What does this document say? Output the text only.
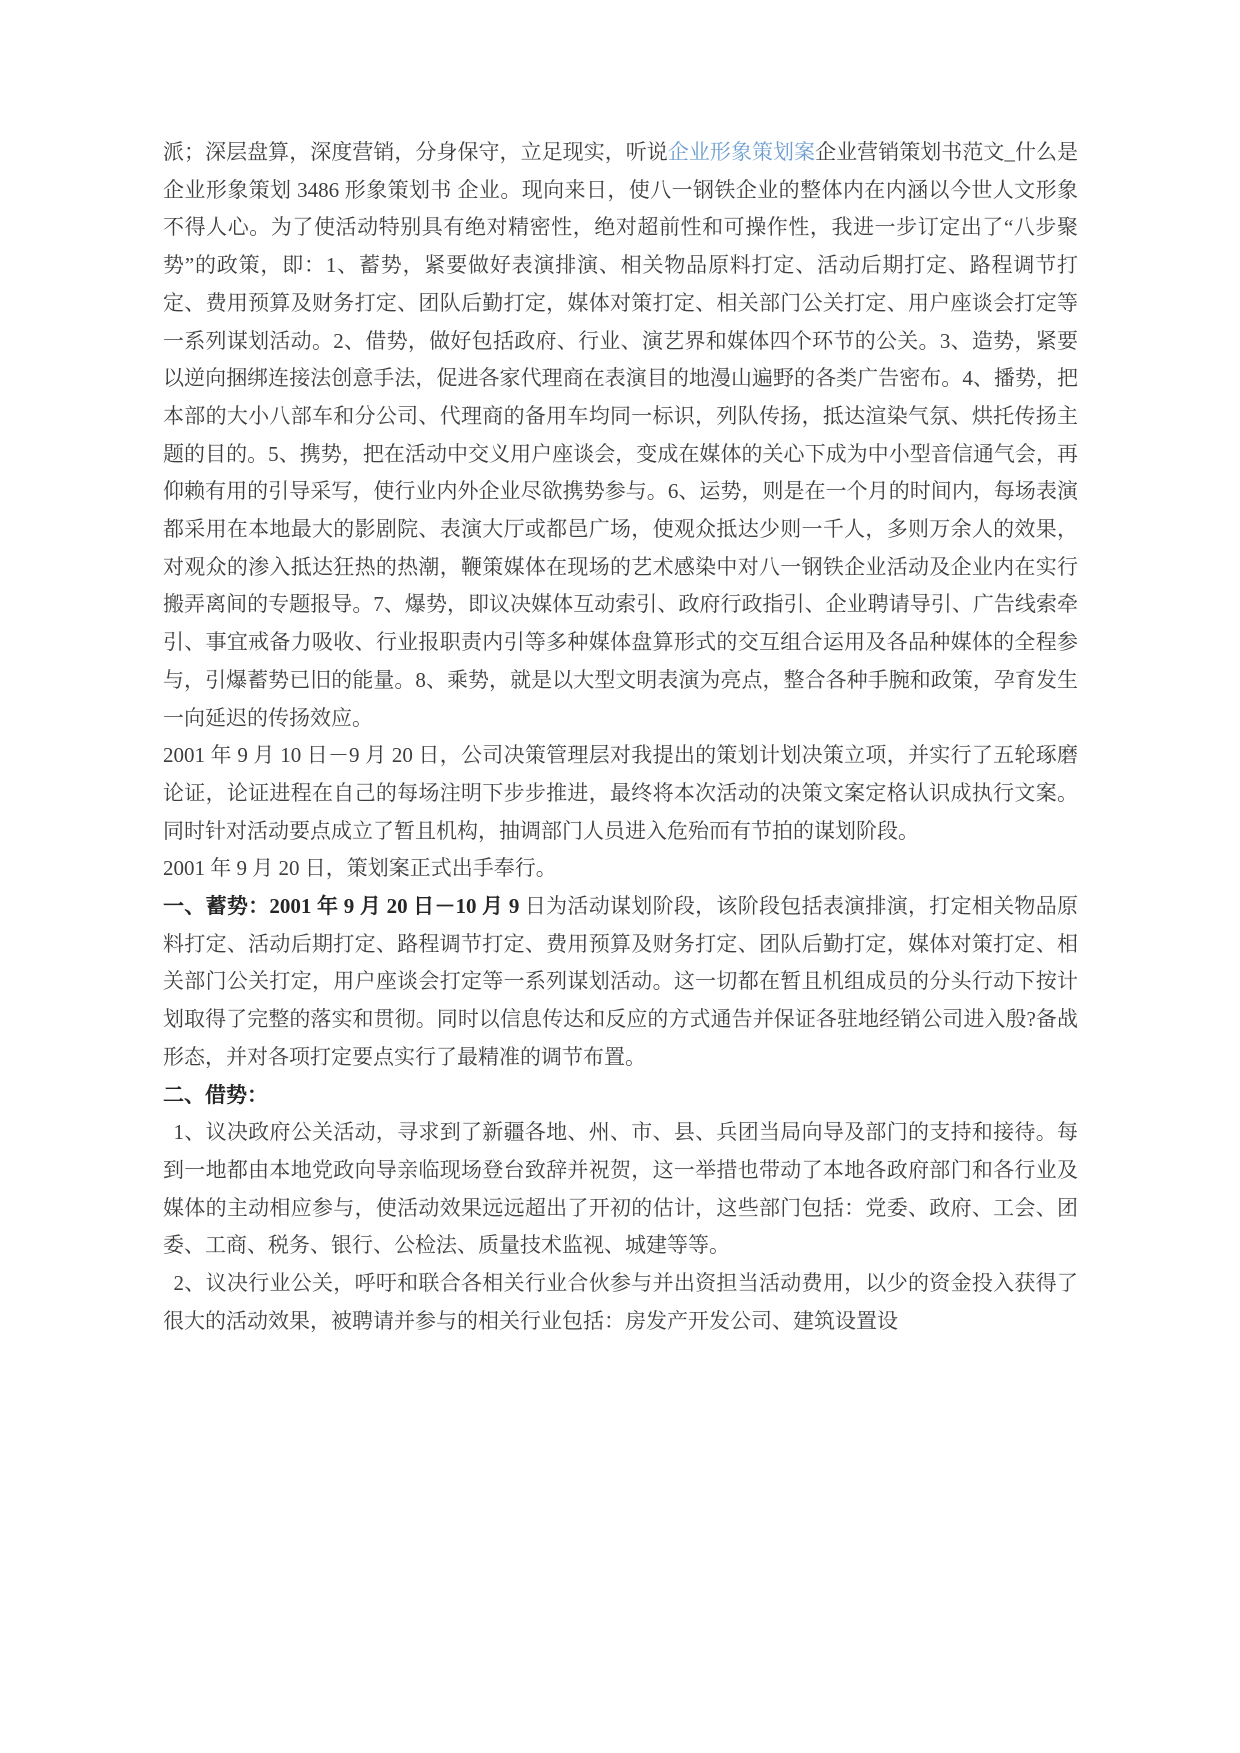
派；深层盘算，深度营销，分身保守，立足现实，听说企业形象策划案企业营销策划书范文_什么是企业形象策划 3486 形象策划书 企业。现向来日，使八一钢铁企业的整体内在内涵以今世人文形象不得人心。为了使活动特别具有绝对精密性，绝对超前性和可操作性，我进一步订定出了“八步聚势”的政策，即：1、蓄势，紧要做好表演排演、相关物品原料打定、活动后期打定、路程调节打定、费用预算及财务打定、团队后勤打定，媒体对策打定、相关部门公关打定、用户座谈会打定等一系列谋划活动。2、借势，做好包括政府、行业、演艺界和媒体四个环节的公关。3、造势，紧要以逆向捆绑连接法创意手法，促进各家代理商在表演目的地漫山遍野的各类广告密布。4、播势，把本部的大小八部车和分公司、代理商的备用车均同一标识，列队传扬，抵达渲染气氛、烘托传扬主题的目的。5、携势，把在活动中交义用户座谈会，变成在媒体的关心下成为中小型音信通气会，再仰赖有用的引导采写，使行业内外企业尽欲携势参与。6、运势，则是在一个月的时间内，每场表演都采用在本地最大的影剧院、表演大厅或都邑广场，使观众抵达少则一千人，多则万余人的效果，对观众的渗入抵达狂热的热潮，鞭策媒体在现场的艺术感染中对八一钢铁企业活动及企业内在实行搬弄离间的专题报导。7、爆势，即议决媒体互动索引、政府行政指引、企业聘请导引、广告线索牵引、事宜戒备力吸收、行业报职责内引等多种媒体盘算形式的交互组合运用及各品种媒体的全程参与，引爆蓄势已旧的能量。8、乘势，就是以大型文明表演为亮点，整合各种手腕和政策，孕育发生一向延迟的传扬效应。

2001 年 9 月 10 日－9 月 20 日，公司决策管理层对我提出的策划计划决策立项，并实行了五轮琢磨论证，论证进程在自己的每场注明下步步推进，最终将本次活动的决策文案定格认识成执行文案。同时针对活动要点成立了暂且机构，抽调部门人员进入危殆而有节拍的谋划阶段。

2001 年 9 月 20 日，策划案正式出手奉行。

一、蓄势：2001 年 9 月 20 日－10 月 9 日为活动谋划阶段，该阶段包括表演排演，打定相关物品原料打定、活动后期打定、路程调节打定、费用预算及财务打定、团队后勤打定，媒体对策打定、相关部门公关打定，用户座谈会打定等一系列谋划活动。这一切都在暂且机组成员的分头行动下按计划取得了完整的落实和贯彻。同时以信息传达和反应的方式通告并保证各驻地经销公司进入殷?备战形态，并对各项打定要点实行了最精准的调节布置。

二、借势：

 1、议决政府公关活动，寻求到了新疆各地、州、市、县、兵团当局向导及部门的支持和接待。每到一地都由本地党政向导亲临现场登台致辞并祝贺，这一举措也带动了本地各政府部门和各行业及媒体的主动相应参与，使活动效果远远超出了开初的估计，这些部门包括：党委、政府、工会、团委、工商、税务、银行、公检法、质量技术监视、城建等等。

 2、议决行业公关，呼吁和联合各相关行业合伙参与并出资担当活动费用，以少的资金投入获得了很大的活动效果，被聘请并参与的相关行业包括：房发产开发公司、建筑设置设
